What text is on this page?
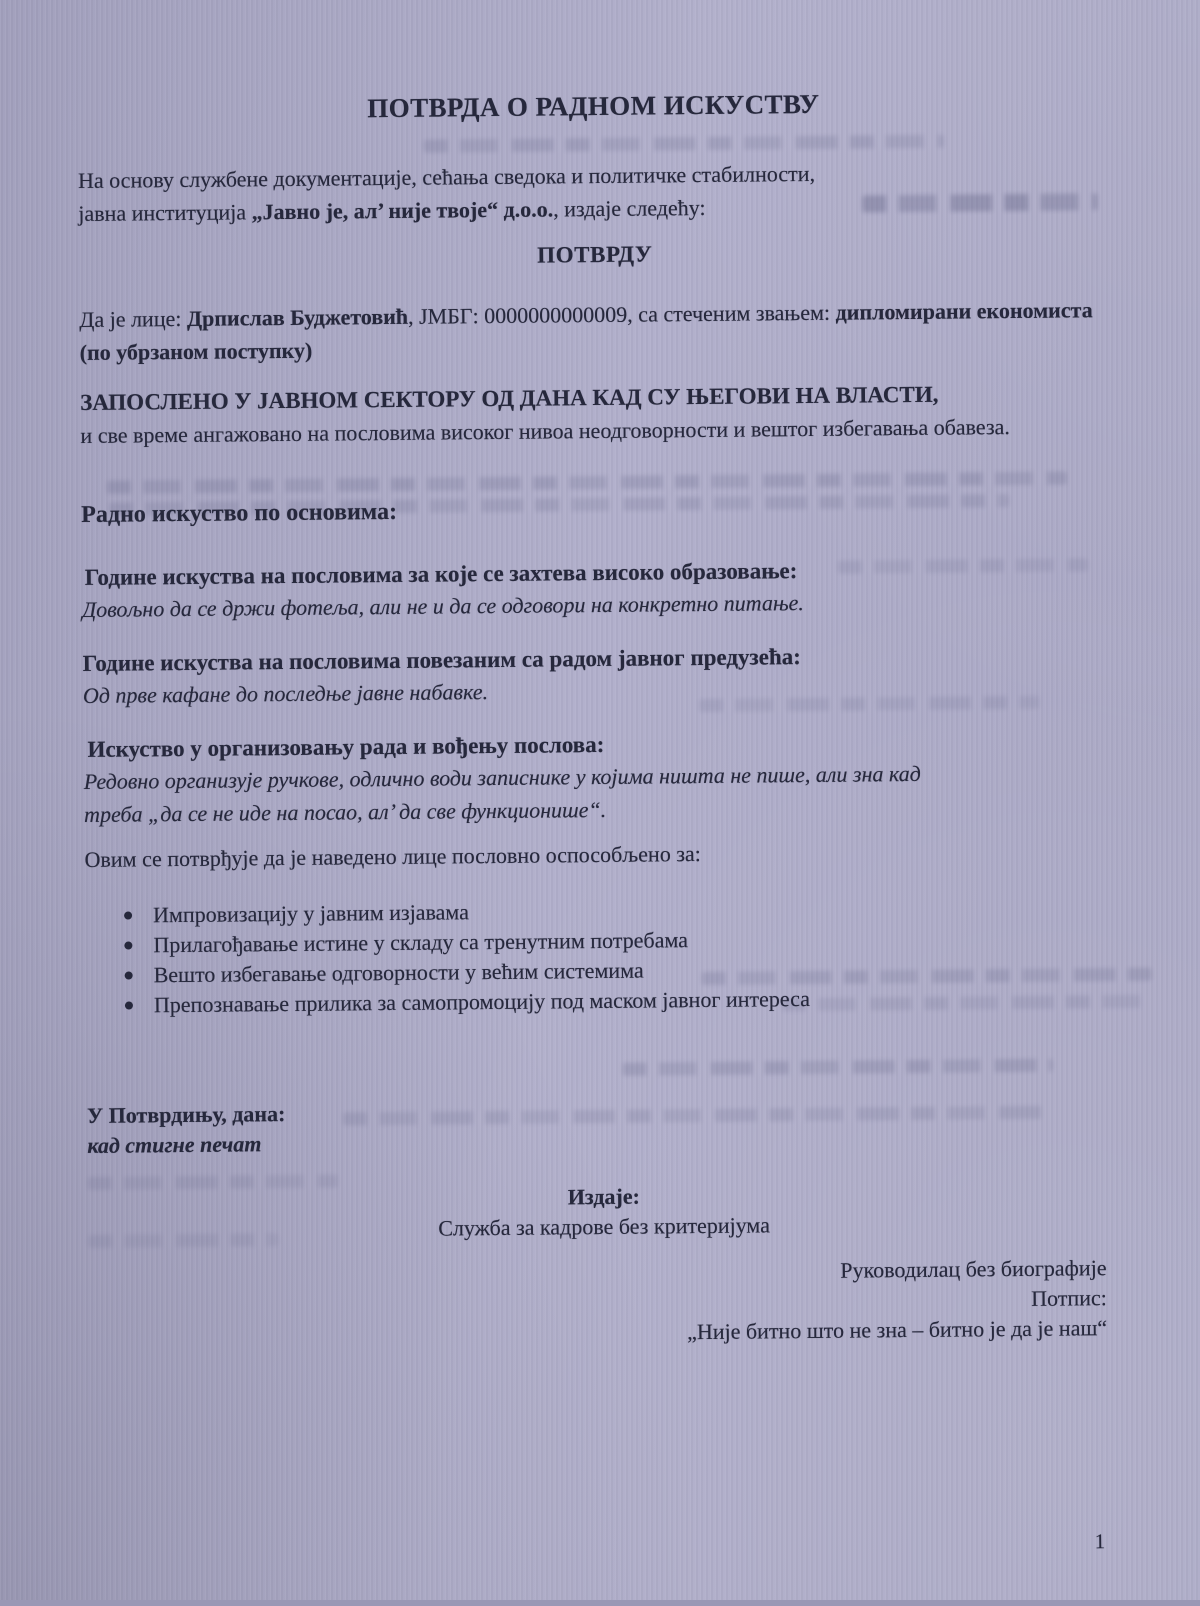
ПОТВРДА О РАДНОМ ИСКУСТВУ
На основу службене документације, сећања сведока и политичке стабилности,
јавна институција „Јавно је, ал’ није твоје“ д.о.о., издаје следећу:
ПОТВРДУ
Да је лице: Дрпислав Буджетовић, ЈМБГ: 0000000000009, са стеченим звањем: дипломирани економиста (по убрзаном поступку)
ЗАПОСЛЕНО У ЈАВНОМ СЕКТОРУ ОД ДАНА КАД СУ ЊЕГОВИ НА ВЛАСТИ,
и све време ангажовано на пословима високог нивоа неодговорности и вештог избегавања обавеза.
Радно искуство по основима:
Године искуства на пословима за које се захтева високо образовање:
Довољно да се држи фотеља, али не и да се одговори на конкретно питање.
Године искуства на пословима повезаним са радом јавног предузећа:
Од прве кафане до последње јавне набавке.
Искуство у организовању рада и вођењу послова:
Редовно организује ручкове, одлично води записнике у којима ништа не пише, али зна кад треба „да се не иде на посао, ал’ да све функционише“.
Овим се потврђује да је наведено лице пословно оспособљено за:
Импровизацију у јавним изјавама
Прилагођавање истине у складу са тренутним потребама
Вешто избегавање одговорности у већим системима
Препознавање прилика за самопромоцију под маском јавног интереса
У Потврдињу, дана:
кад стигне печат
Издаје:
Служба за кадрове без критеријума
Руководилац без биографије
Потпис:
„Није битно што не зна – битно је да је наш“
1
